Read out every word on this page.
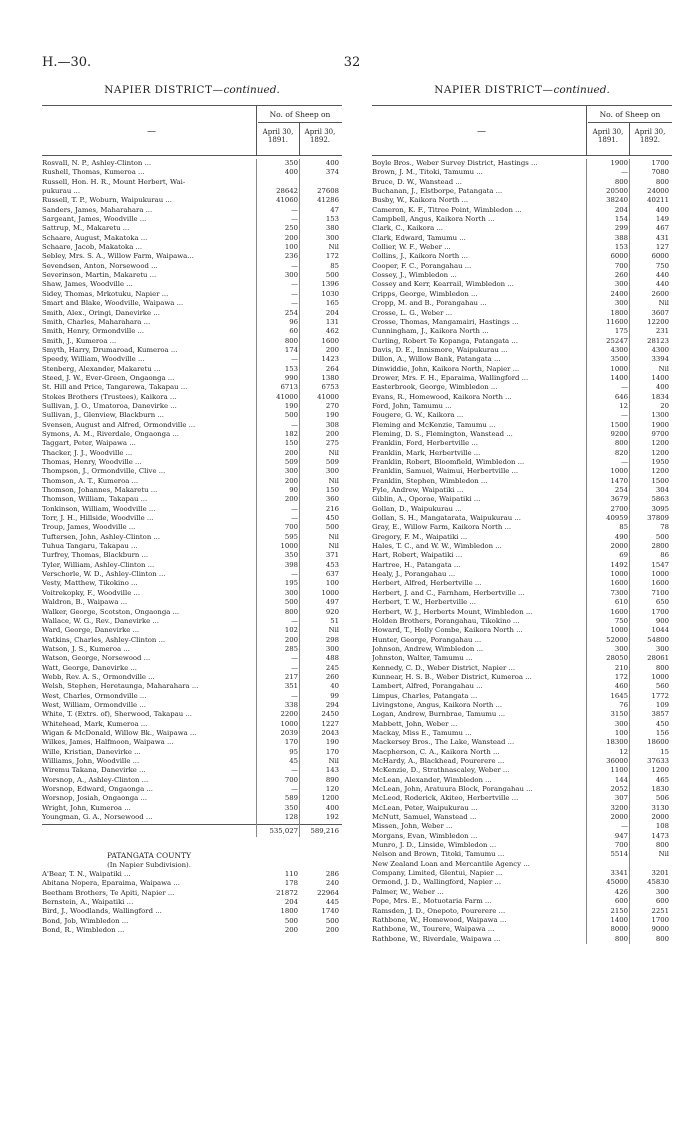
H.—30.	32
NAPIER DISTRICT—continued.
—
No. of Sheep on
April 30,
1891.
April 30,
1892.
Rosvall, N. P., Ashley-Clinton ...	350	400
Rushell, Thomas, Kumeroa ...	400	374
Russell, Hon. H. R., Mount Herbert, Wai-
pukurau ...	28642	27608
Russell, T. P., Woburn, Waipukurau ...	41060	41286
Sanders, James, Maharahara ...	—	47
Sargeant, James, Woodville ...	—	153
Sattrup, M., Makaretu ...	250	380
Schaare, August, Makatoka ...	200	300
Schaare, Jacob, Makatoka ...	100	Nil
Sebley, Mrs. S. A., Willow Farm, Waipawa...	236	172
Sevendsen, Anton, Norsewood ...	—	85
Severinson, Martin, Makaretu ...	300	500
Shaw, James, Woodville ...	—	1396
Sidey, Thomas, Mrkotuku, Napier ...	—	1030
Smart and Blake, Woodville, Waipawa ...	—	165
Smith, Alex., Oringi, Danevirke ...	254	204
Smith, Charles, Maharahara ...	96	131
Smith, Henry, Ormondville ...	60	462
Smith, J., Kumeroa ...	800	1600
Smyth, Harry, Drumaroad, Kumeroa ...	174	200
Speedy, William, Woodville ...	—	1423
Stenberg, Alexander, Makaretu ...	153	264
Steed, J. W., Ever-Green, Ongaonga ...	990	1380
St. Hill and Price, Tangarewa, Takapau ...	6713	6753
Stokes Brothers (Trustees), Kaikora ...	41000	41000
Sullivan, J. O., Umatoroa, Danevirke ...	190	270
Sullivan, J., Glenview, Blackburn ...	500	190
Svensen, August and Alfred, Ormondville ...	—	308
Symons, A. M., Riverdale, Ongaonga ...	182	200
Taggart, Peter, Waipawa ...	150	275
Thacker, J. J., Woodville ...	200	Nil
Thomas, Henry, Woodville ...	509	509
Thompson, J., Ormondville, Clive ...	300	300
Thomson, A. T., Kumeroa ...	200	Nil
Thomson, Johannes, Makaretu ...	90	150
Thomson, William, Takapau ...	200	360
Tonkinson, William, Woodville ...	—	216
Torr, J. H., Hillside, Woodville ...	—	450
Troup, James, Woodville ...	700	500
Tuftersen, John, Ashley-Clinton ...	595	Nil
Tuhua Tangaru, Takapau ...	1000	Nil
Turfrey, Thomas, Blackburn ...	350	371
Tyler, William, Ashley-Clinton ...	398	453
Verschorle, W. D., Ashley-Clinton ...	—	637
Vesty, Matthew, Tikokino ...	195	100
Voitrekopky, F., Woodville ...	300	1000
Waldron, B., Waipawa ...	500	497
Walker, George, Scotston, Ongaonga ...	800	920
Wallace, W. G., Rev., Danevirke ...	—	51
Ward, George, Danevirke ...	102	Nil
Watkins, Charles, Ashley-Clinton ...	200	298
Watson, J. S., Kumeroa ...	285	300
Watson, George, Norsewood ...	—	488
Watt, George, Danevirke ...	—	245
Webb, Rev. A. S., Ormondville ...	217	260
Welsh, Stephen, Heretaunga, Maharahara ...	351	40
West, Charles, Ormondville ...	—	99
West, William, Ormondville ...	338	294
White, T. (Extrs. of), Sherwood, Takapau ...	2200	2450
Whitehead, Mark, Kumeroa ...	1000	1227
Wigan & McDonald, Willow Bk., Waipawa ...	2039	2043
Wilkes, James, Halfmoon, Waipawa ...	170	190
Wille, Kristian, Danevirke ...	95	170
Williams, John, Woodville ...	45	Nil
Wiremu Takana, Danevirke ...	—	143
Worsnop, A., Ashley-Clinton ...	700	890
Worsnop, Edward, Ongaonga ...	—	120
Worsnop, Josiah, Ongaonga ...	589	1200
Wright, John, Kumeroa ...	350	400
Youngman, G. A., Norsewood ...	128	192
535,027	589,216
PATANGATA COUNTY
(In Napier Subdivision).
A'Bear, T. N., Waipatiki ...	110	286
Abitana Nopera, Eparaima, Waipawa ...	178	240
Beetham Brothers, Te Apiti, Napier ...	21872	22964
Bernstein, A., Waipatiki ...	204	445
Bird, J., Woodlands, Wallingford ...	1800	1740
Bond, Job, Wimbledon ...	500	500
Bond, R., Wimbledon ...	200	200
NAPIER DISTRICT—continued.
—
No. of Sheep on
April 30,
1891.
April 30,
1892.
Boyle Bros., Weber Survey District, Hastings ...	1900	1700
Brown, J. M., Titoki, Tamumu ...	—	7080
Bruce, D. W., Wanstead ...	800	800
Buchanan, J., Elstborpe, Patangata ...	20500	24000
Busby, W., Kaikora North ...	38240	40211
Cameron, K. F., Titree Point, Wimbledon ...	204	400
Campbell, Angus, Kaikora North ...	154	149
Clark, C., Kaikora ...	299	467
Clark, Edward, Tamumu ...	388	431
Collier, W. F., Weber ...	153	127
Collins, J., Kaikora North ...	6000	6000
Cooper, F. C., Porangahau ...	700	750
Cossey, J., Wimbledon ...	260	440
Cossey and Kerr, Kearrail, Wimbledon ...	300	440
Cripps, George, Wimbledon ...	2400	2600
Cropp, M. and B., Porangahau ...	300	Nil
Crosse, L. G., Weber ...	1800	3607
Crosse, Thomas, Mangamairi, Hastings ...	11600	12200
Cunningham, J., Kaikora North ...	175	231
Curling, Robert Te Kopanga, Patangata ...	25247	28123
Davis, D. E., Innismore, Waipukurau ...	4300	4300
Dillon, A., Willow Bank, Patangata ...	3500	3394
Dinwiddie, John, Kaikora North, Napier ...	1000	Nil
Drower, Mrs. F. H., Eparaima, Wallingford ...	1400	1400
Easterbrook, George, Wimbledon ...	—	400
Evans, R., Homewood, Kaikora North ...	646	1834
Ford, John, Tamumu ...	12	20
Fougere, G. W., Kaikora ...	—	1300
Fleming and McKenzie, Tamumu ...	1500	1900
Fleming, D. S., Flemington, Wanstead ...	9200	9700
Franklin, Ford, Herbertville ...	800	1200
Franklin, Mark, Herbertville ...	820	1200
Franklin, Robert, Bloomfield, Wimbledon ...	—	1950
Franklin, Samuel, Waimui, Herbertville ...	1000	1200
Franklin, Stephen, Wimbledon ...	1470	1500
Fyle, Andrew, Waipatiki ...	254	304
Giblin, A., Oporae, Waipatiki ...	3679	5863
Gollan, D., Waipukurau ...	2700	3095
Gollan, S. H., Mangatarata, Waipukurau ...	40959	37809
Gray, E., Willow Farm, Kaikora North ...	85	78
Gregory, F. M., Waipatiki ...	490	500
Hales, T. C., and W. W., Wimbledon ...	2000	2800
Hart, Robert, Waipatiki ...	69	86
Hartree, H., Patangata ...	1492	1547
Healy, J., Porangahau ...	1000	1000
Herbert, Alfred, Herbertville ...	1600	1600
Herbert, J. and C., Farnham, Herbertville ...	7300	7100
Herbert, T. W., Herbertville ...	610	650
Herbert, W. J., Herberts Mount, Wimbledon ...	1600	1700
Holden Brothers, Porangahau, Tikokino ...	750	900
Howard, T., Holly Combe, Kaikora North ...	1000	1044
Hunter, George, Porangahau ...	52000	54800
Johnson, Andrew, Wimbledon ...	300	300
Johnston, Walter, Tamumu ...	28050	28061
Kennedy, C. D., Weber District, Napier ...	210	800
Kunnear, H. S. B., Weber District, Kumeroa ...	172	1000
Lambert, Alfred, Porangahau ...	460	560
Limpus, Charles, Patangata ...	1645	1772
Livingstone, Angus, Kaikora North ...	76	109
Logan, Andrew, Burnbrae, Tamumu ...	3150	3857
Mabbett, John, Weber ...	300	450
Mackay, Miss E., Tamumu ...	100	156
Mackersey Bros., The Lake, Wanstead ...	18300	18600
Macpherson, C. A., Kaikora North ...	12	15
McHardy, A., Blackhead, Pourerere ...	36000	37633
McKenzie, D., Strathnascaley, Weber ...	1100	1200
McLean, Alexander, Wimbledon ...	144	465
McLean, John, Aratuura Block, Porangahau ...	2052	1830
McLeod, Roderick, Akiteo, Herbertville ...	307	506
McLean, Peter, Waipukurau ...	3200	3130
McNutt, Samuel, Wanstead ...	2000	2000
Missen, John, Weber ...	—	108
Morgans, Evan, Wimbledon ...	947	1473
Munro, J. D., Linside, Wimbledon ...	700	800
Nelson and Brown, Titoki, Tamumu ...	5514	Nil
New Zealand Loan and Mercantile Agency ...
Company, Limited, Glentui, Napier ...	3341	3201
Ormond, J. D., Wallingford, Napier ...	45000	45830
Palmer, W., Weber ...	426	300
Pope, Mrs. E., Motuotaria Farm ...	600	600
Ramsden, J. D., Onepoto, Pourerere ...	2150	2251
Rathbone, W., Homewood, Waipawa ...	1400	1700
Rathbone, W., Tourere, Waipawa ...	8000	9000
Rathbone, W., Riverdale, Waipawa ...	800	800
